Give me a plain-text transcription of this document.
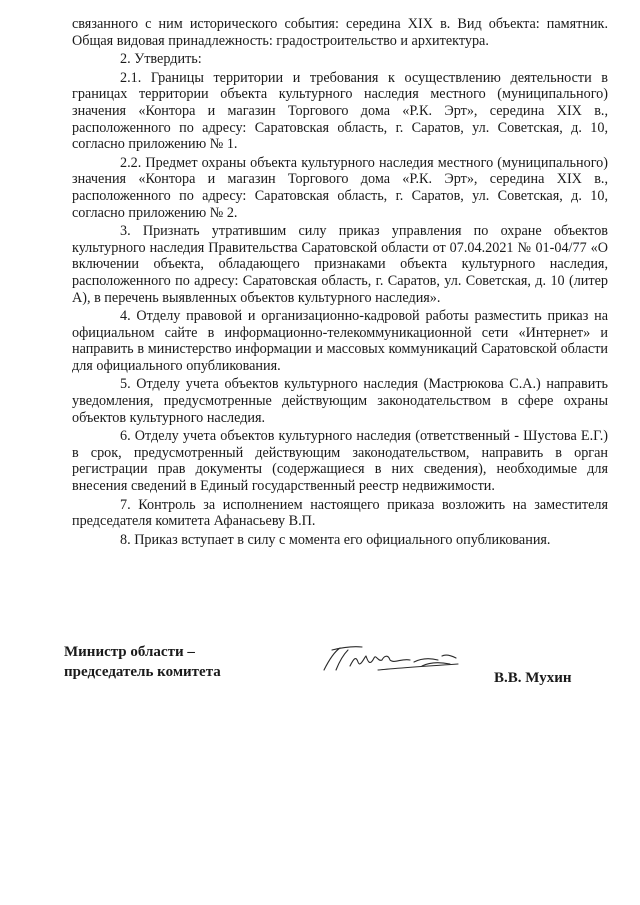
связанного с ним исторического события: середина XIX в. Вид объекта: памятник. Общая видовая принадлежность: градостроительство и архитектура.

2. Утвердить:

2.1. Границы территории и требования к осуществлению деятельности в границах территории объекта культурного наследия местного (муниципального) значения «Контора и магазин Торгового дома «Р.К. Эрт», середина XIX в., расположенного по адресу: Саратовская область, г. Саратов, ул. Советская, д. 10, согласно приложению № 1.

2.2. Предмет охраны объекта культурного наследия местного (муниципального) значения «Контора и магазин Торгового дома «Р.К. Эрт», середина XIX в., расположенного по адресу: Саратовская область, г. Саратов, ул. Советская, д. 10, согласно приложению № 2.

3. Признать утратившим силу приказ управления по охране объектов культурного наследия Правительства Саратовской области от 07.04.2021 № 01-04/77 «О включении объекта, обладающего признаками объекта культурного наследия, расположенного по адресу: Саратовская область, г. Саратов, ул. Советская, д. 10 (литер А), в перечень выявленных объектов культурного наследия».

4. Отделу правовой и организационно-кадровой работы разместить приказ на официальном сайте в информационно-телекоммуникационной сети «Интернет» и направить в министерство информации и массовых коммуникаций Саратовской области для официального опубликования.

5. Отделу учета объектов культурного наследия (Мастрюкова С.А.) направить уведомления, предусмотренные действующим законодательством в сфере охраны объектов культурного наследия.

6. Отделу учета объектов культурного наследия (ответственный - Шустова Е.Г.) в срок, предусмотренный действующим законодательством, направить в орган регистрации прав документы (содержащиеся в них сведения), необходимые для внесения сведений в Единый государственный реестр недвижимости.

7. Контроль за исполнением настоящего приказа возложить на заместителя председателя комитета Афанасьеву В.П.

8. Приказ вступает в силу с момента его официального опубликования.

Министр области –
председатель комитета	В.В. Мухин
